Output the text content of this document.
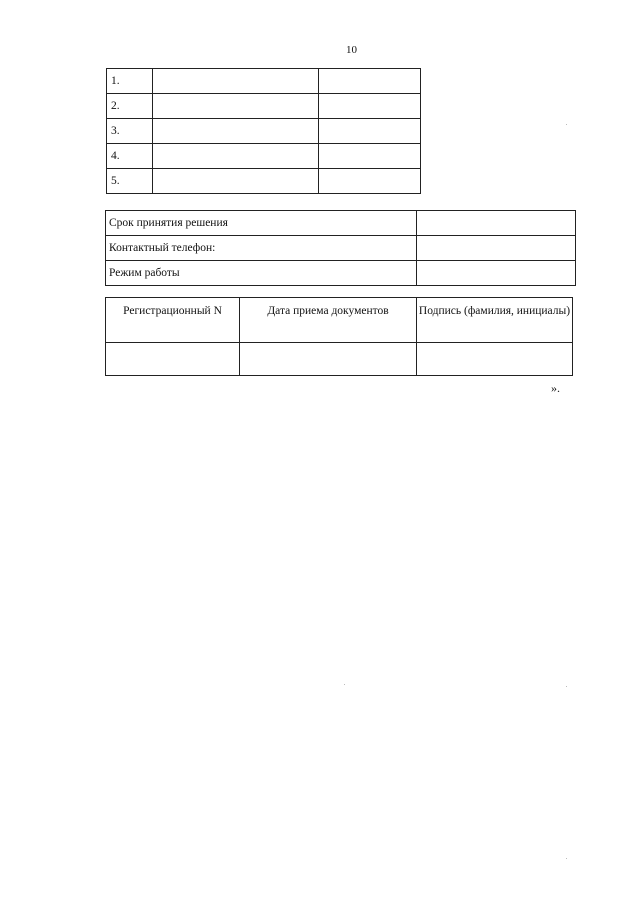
10
1.		
2.		
3.		
4.		
5.		
Срок принятия решения	
Контактный телефон:	
Режим работы	
Регистрационный N	Дата приема документов	Подпись (фамилия, инициалы)

».
